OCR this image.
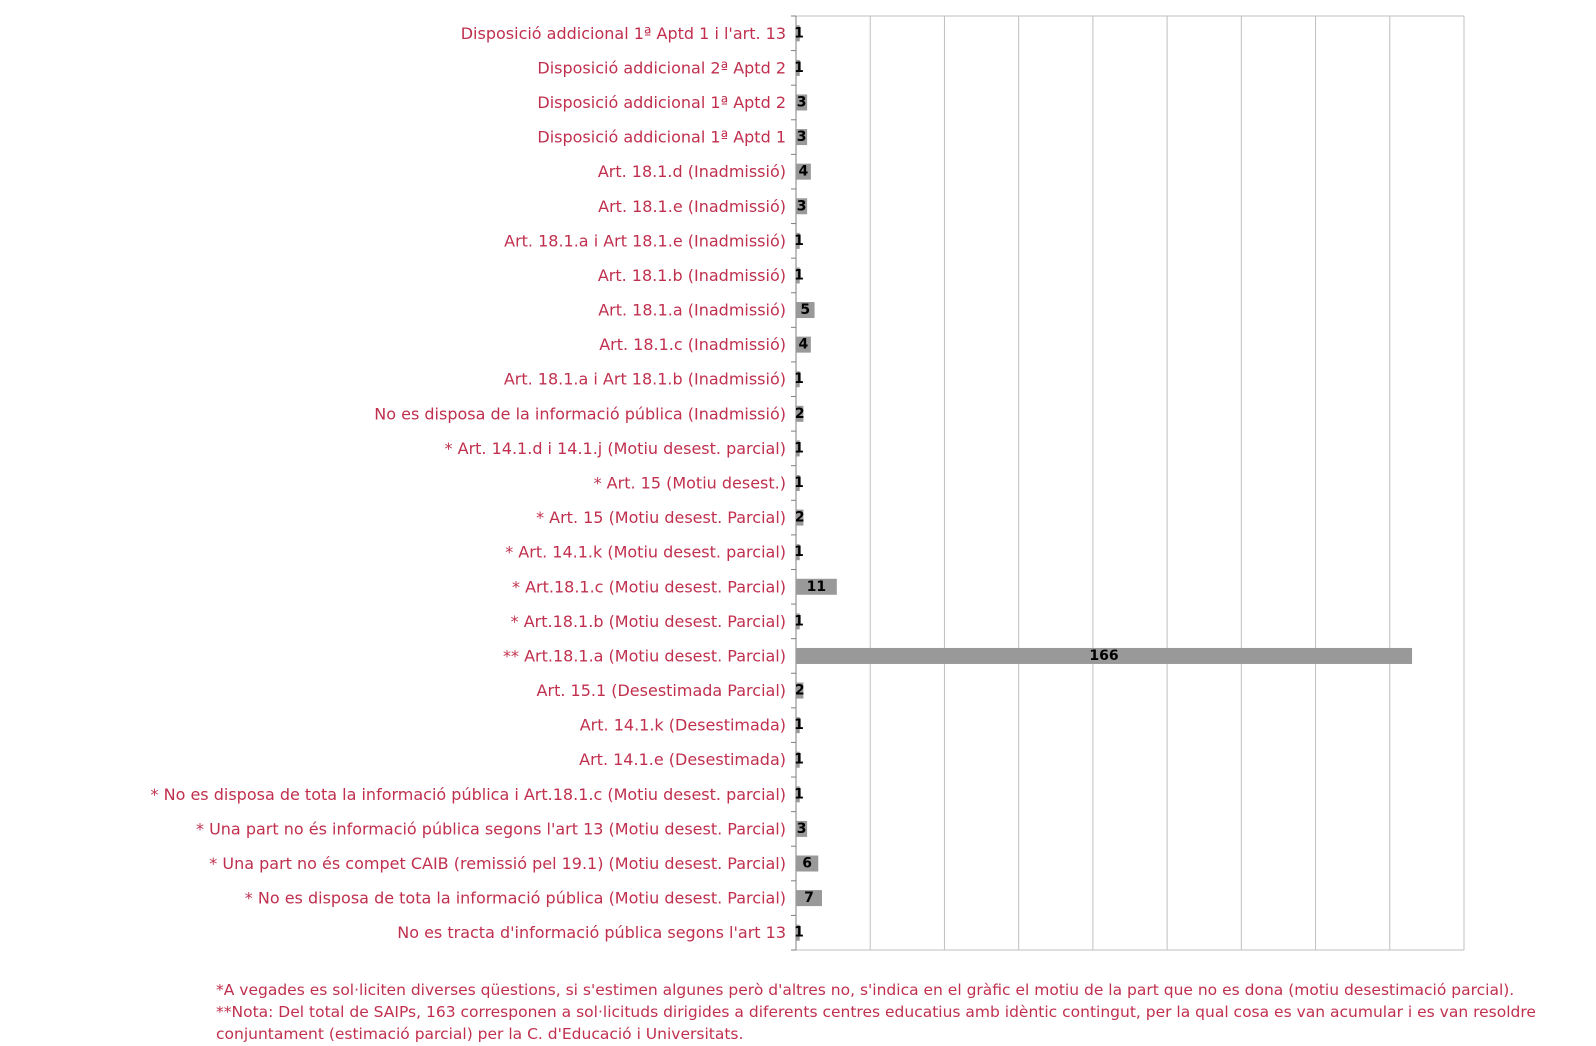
Disposició addicional 1ª Aptd 1 i l'art. 13
Disposició addicional 2ª Aptd 2
Disposició addicional 1ª Aptd 2
Disposició addicional 1ª Aptd 1
Art. 18.1.d (Inadmissió)
Art. 18.1.e (Inadmissió)
Art. 18.1.a i Art 18.1.e (Inadmissió)
Art. 18.1.b (Inadmissió)
Art. 18.1.a (Inadmissió)
Art. 18.1.c (Inadmissió)
Art. 18.1.a i Art 18.1.b (Inadmissió)
No es disposa de la informació pública (Inadmissió)
* Art. 14.1.d i 14.1.j (Motiu desest. parcial)
* Art. 15 (Motiu desest.)
* Art. 15 (Motiu desest. Parcial)
* Art. 14.1.k (Motiu desest. parcial)
* Art.18.1.c (Motiu desest. Parcial)
* Art.18.1.b (Motiu desest. Parcial)
** Art.18.1.a (Motiu desest. Parcial)
Art. 15.1 (Desestimada Parcial)
Art. 14.1.k (Desestimada)
Art. 14.1.e (Desestimada)
* No es disposa de tota la informació pública i Art.18.1.c (Motiu desest. parcial)
* Una part no és informació pública segons l'art 13 (Motiu desest. Parcial)
* Una part no és compet CAIB (remissió pel 19.1) (Motiu desest. Parcial)
* No es disposa de tota la informació pública (Motiu desest. Parcial)
No es tracta d'informació pública segons l'art 13
1
1
3
3
4
3
1
1
5
4
1
2
1
1
2
1
11
1
166
2
1
1
1
3
6
7
1
*A vegades es sol·liciten diverses qüestions, si s'estimen algunes però d'altres no, s'indica en el gràfic el motiu de la part que no es dona (motiu desestimació parcial).
**Nota: Del total de SAIPs, 163 corresponen a sol·licituds dirigides a diferents centres educatius amb idèntic contingut, per la qual cosa es van acumular i es van resoldre conjuntament (estimació parcial) per la C. d'Educació i Universitats.
